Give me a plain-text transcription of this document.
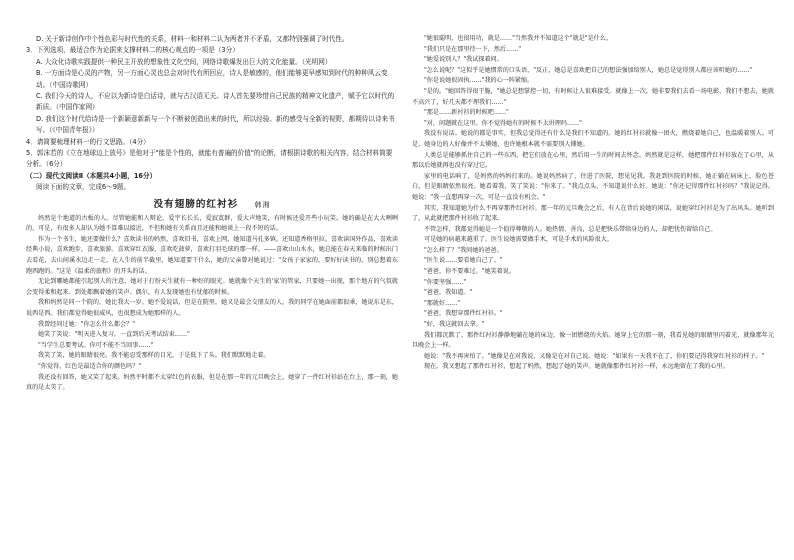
D. 关于新诗创作中个性色彩与时代性的关系，材料一和材料二认为两者并不矛盾，又都特别强调了时代性。

3．下列选项，最适合作为论据来支撑材料二的核心观点的一项是（3分）

A. 大众化诗歌实践提供一种民主开放的想象性文化空间，网络诗歌爆发出巨大的文化能量。（光明网）

B. 一方面诗是心灵的产物，另一方面心灵也总会对时代有所回应，诗人是敏感的，他们能够更早感知到时代的种种风云变动。（中国诗歌网）

C. 我们今天的诗人，不应以为新诗是白话诗，就与古汉语无关。诗人首先要珍惜自己民族的精神文化遗产，赋予它以时代的新质。（中国作家网）

D. 我们这个时代给诗是一个新颖意新新与一个不断被创造出来的时代，所以经验、新的感受与全新的视野，都期待以诗来书写。（《中国青年报》）

4．请简要梳理材料一的行文思路。（4分）

5．郭沫若的《立在地球边上放号》是他对于"能是个性的，就能有普遍的价值"的论断，请根据诗歌的相关内容，结合材料简要分析。（6分）

（二）现代文阅读Ⅱ（本题共4小题，16分）

阅读下面的文章，完成6～9题。

没有翅膀的红衬衫 韩湘

妈然是个地道的古板的人。尽管她能和人辩论，爱宇长长长，爱寂寞群，爱大声地笑，有时候还爱开些小玩笑。她的确是在大大咧咧的，可是，有很多人却认为她不算难以接近，不但和她有关系而且还能和她谈上一段不短的话。

作为一个书生，她还要做什么？喜欢读书的妈然，喜欢旧书，喜欢上网，她知道马孔多镇，还知道香格里拉。喜欢读国外作品，喜欢读经典小说，喜欢跑步，喜欢旅游。喜欢穿红衣服，喜欢吃菠萝，喜欢打羽毛球的那一样。——喜欢山山水水，她总能在春天来临的时候出门去看花，去山间溪水边走一走。在人生的前半截里，她知道要干什么，她的父亲曾对她说过："女孩子家家的，要好好读书的，别总想着东跑西跑的。"这是《温柔的旅程》的开头的话。

无论到哪她都能引起别人的注意，她对于打扮天生就有一种好的眼光。她就像个天生的'家'的管家，只要她一出现，那个地方的气氛就会变得柔和起来。到处都飘着她的笑声。偶尔，有人发现她也有忧郁的时候。

我和妈然是同一个院的，她比我大一岁。她不爱说话，但是在院里，她又是最会交朋友的人。我的同学在她面前都很乖，她说东是东，说西是西。我们都觉得她很威风，也很想成为她那样的人。

我曾经问过她："你怎么什么都会？"

她笑了笑说："明天进入复习，一直到后天考试结束……"

"当学生总要考试。你可不能不当回事……"

我笑了笑，她的眼睛很亮。我不能忍受那样的目光，于是低下了头。我们默默地走着。

"你觉得，红色是最适合你的颜色吗？"

我还没有回答，她又笑了起来。妈然平时都不太穿红色的衣服，但是在那一年的元旦晚会上，她穿了一件红衬衫站在台上，那一刻，她真的是太美了。

"她很聪明，也很用功，就是……"当然我并不知道这个"就是"是什么。

"我们只是在那里待一下，然后……"

"她爱说别人？"我试探着问。

"怎么说呢？"这似乎是她惯常的口头语，"反正，她总是喜欢把自己的想法强加给别人，她总是觉得别人都应该听她的……"

"你是说她很固执……"我的心一阵紧缩。

"是的。"她回答得很干脆，"她总是想掌控一切，有时候让人很难接受。就像上一次，她非要我们去看一场电影，我们不想去，她就不高兴了，好几天都不理我们……"

"那是……新衬衫的时候吧……"

"对，问题就在这里。你不觉得她有的时候不太讲理吗……"

我没有说话。她说的都是事实，但我总觉得还有什么是我们不知道的。她的红衬衫就像一团火，燃烧着她自己，也温暖着别人。可是，她身边的人好像并不太懂她，也许她根本就不需要别人懂她。

人类总是能够抓住自己的一些东西，把它们放在心里，然后用一生的时间去怀念。妈然就是这样，她把那件红衬衫放在了心里，从那以后她就再也没有穿过它。

家里的电话响了，是妈然的妈妈打来的。她说妈然病了，住进了医院，想见见我。我赶到医院的时候，她正躺在病床上，脸色苍白，但是眼睛依然很亮。她看着我，笑了笑说："你来了。"我点点头，不知道说什么好。她说："你还记得那件红衬衫吗？"我说记得。她说："我一直想再穿一次，可是一直没有机会。"

其实，我知道她为什么不再穿那件红衬衫。那一年的元旦晚会之后，有人在背后说她的闲话，说她穿红衬衫是为了出风头。她听到了，从此就把那件衬衫收了起来。

不管怎样，我都觉得她是一个值得尊敬的人。她热情、善良，总是把快乐带给身边的人，却把忧伤留给自己。

可是她的病越来越重了。医生说她需要做手术，可是手术的风险很大。

"怎么样了？"我问她的爸爸。

"医生说……要看她自己了。"

"爸爸，你不要难过。"她笑着说。

"你要坚强……"

"爸爸，我知道。"

"那就好……"

"爸爸，我想穿那件红衬衫。"

"好，我这就回去拿。"

我们都沉默了。那件红衬衫静静地躺在她的床边，像一团燃烧的火焰。她穿上它的那一刻，我看见她的眼睛里闪着光，就像那年元旦晚会上一样。

她说："我不再害怕了。"她像是在对我说，又像是在对自己说。她说："如果有一天我不在了，你们要记得我穿红衬衫的样子。"

现在，我又想起了那件红衬衫，想起了妈然，想起了她的笑声。她就像那件红衬衫一样，永远地留在了我的心里。
